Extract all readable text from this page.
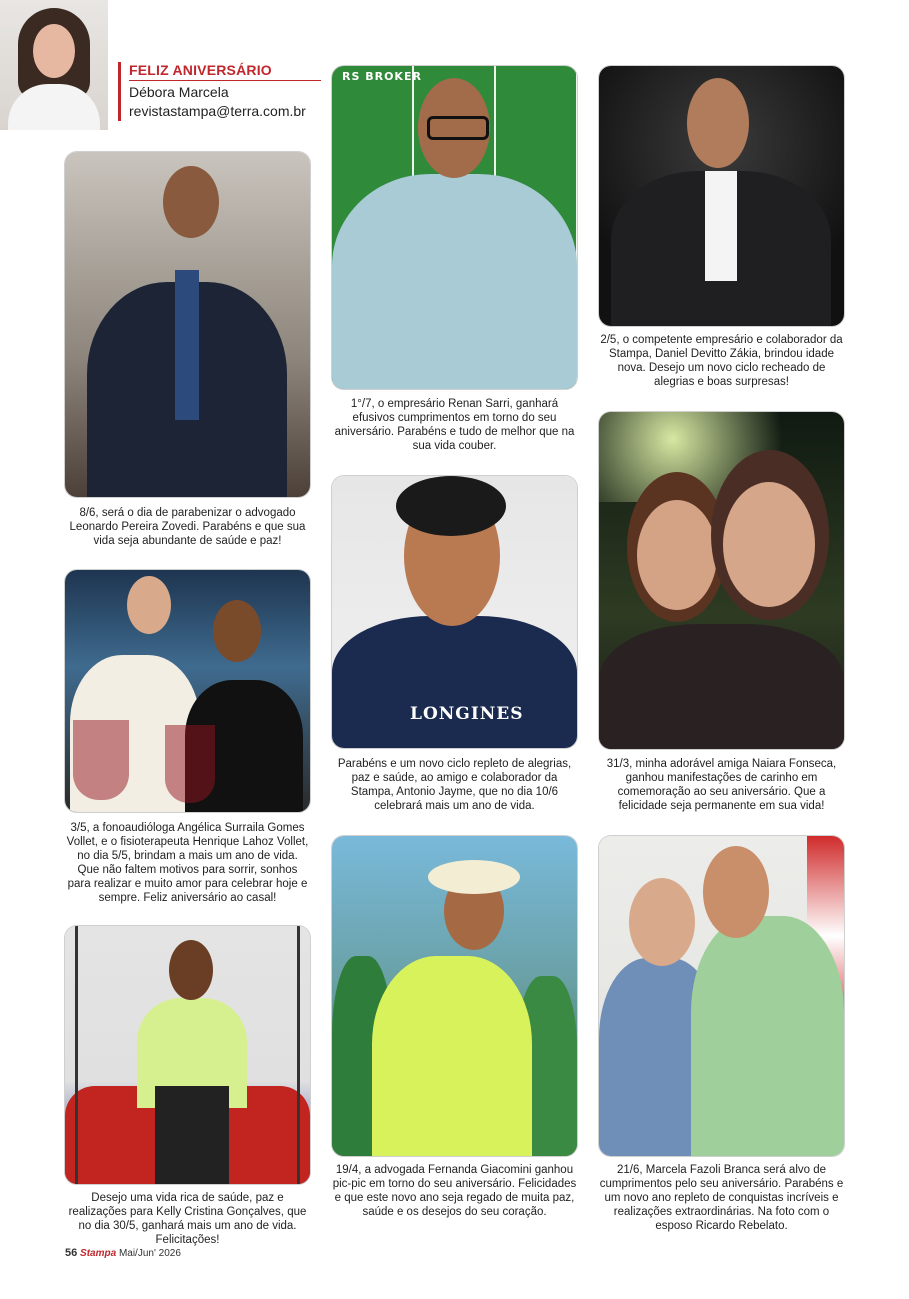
FELIZ ANIVERSÁRIO
Débora Marcela
revistastampa@terra.com.br
8/6, será o dia de parabenizar o advogado Leonardo Pereira Zovedi. Parabéns e que sua vida seja abundante de saúde e paz!
3/5, a fonoaudióloga Angélica Surraila Gomes Vollet, e o fisioterapeuta Henrique Lahoz Vollet, no dia 5/5, brindam a mais um ano de vida. Que não faltem motivos para sorrir, sonhos para realizar e muito amor para celebrar hoje e sempre. Feliz aniversário ao casal!
Desejo uma vida rica de saúde, paz e realizações para Kelly Cristina Gonçalves, que no dia 30/5, ganhará mais um ano de vida. Felicitações!
RS BROKER
1°/7, o empresário Renan Sarri, ganhará efusivos cumprimentos em torno do seu aniversário. Parabéns e tudo de melhor que na sua vida couber.
LONGINES
Parabéns e um novo ciclo repleto de alegrias, paz e saúde, ao amigo e colaborador da Stampa, Antonio Jayme, que no dia 10/6 celebrará mais um ano de vida.
19/4, a advogada Fernanda Giacomini ganhou pic-pic em torno do seu aniversário. Felicidades e que este novo ano seja regado de muita paz, saúde e os desejos do seu coração.
2/5, o competente empresário e colaborador da Stampa, Daniel Devitto Zákia, brindou idade nova. Desejo um novo ciclo recheado de alegrias e boas surpresas!
31/3, minha adorável amiga Naiara Fonseca, ganhou manifestações de carinho em comemoração ao seu aniversário. Que a felicidade seja permanente em sua vida!
21/6, Marcela Fazoli Branca será alvo de cumprimentos pelo seu aniversário. Parabéns e um novo ano repleto de conquistas incríveis e realizações extraordinárias. Na foto com o esposo Ricardo Rebelato.
56 Stampa Mai/Jun' 2026
